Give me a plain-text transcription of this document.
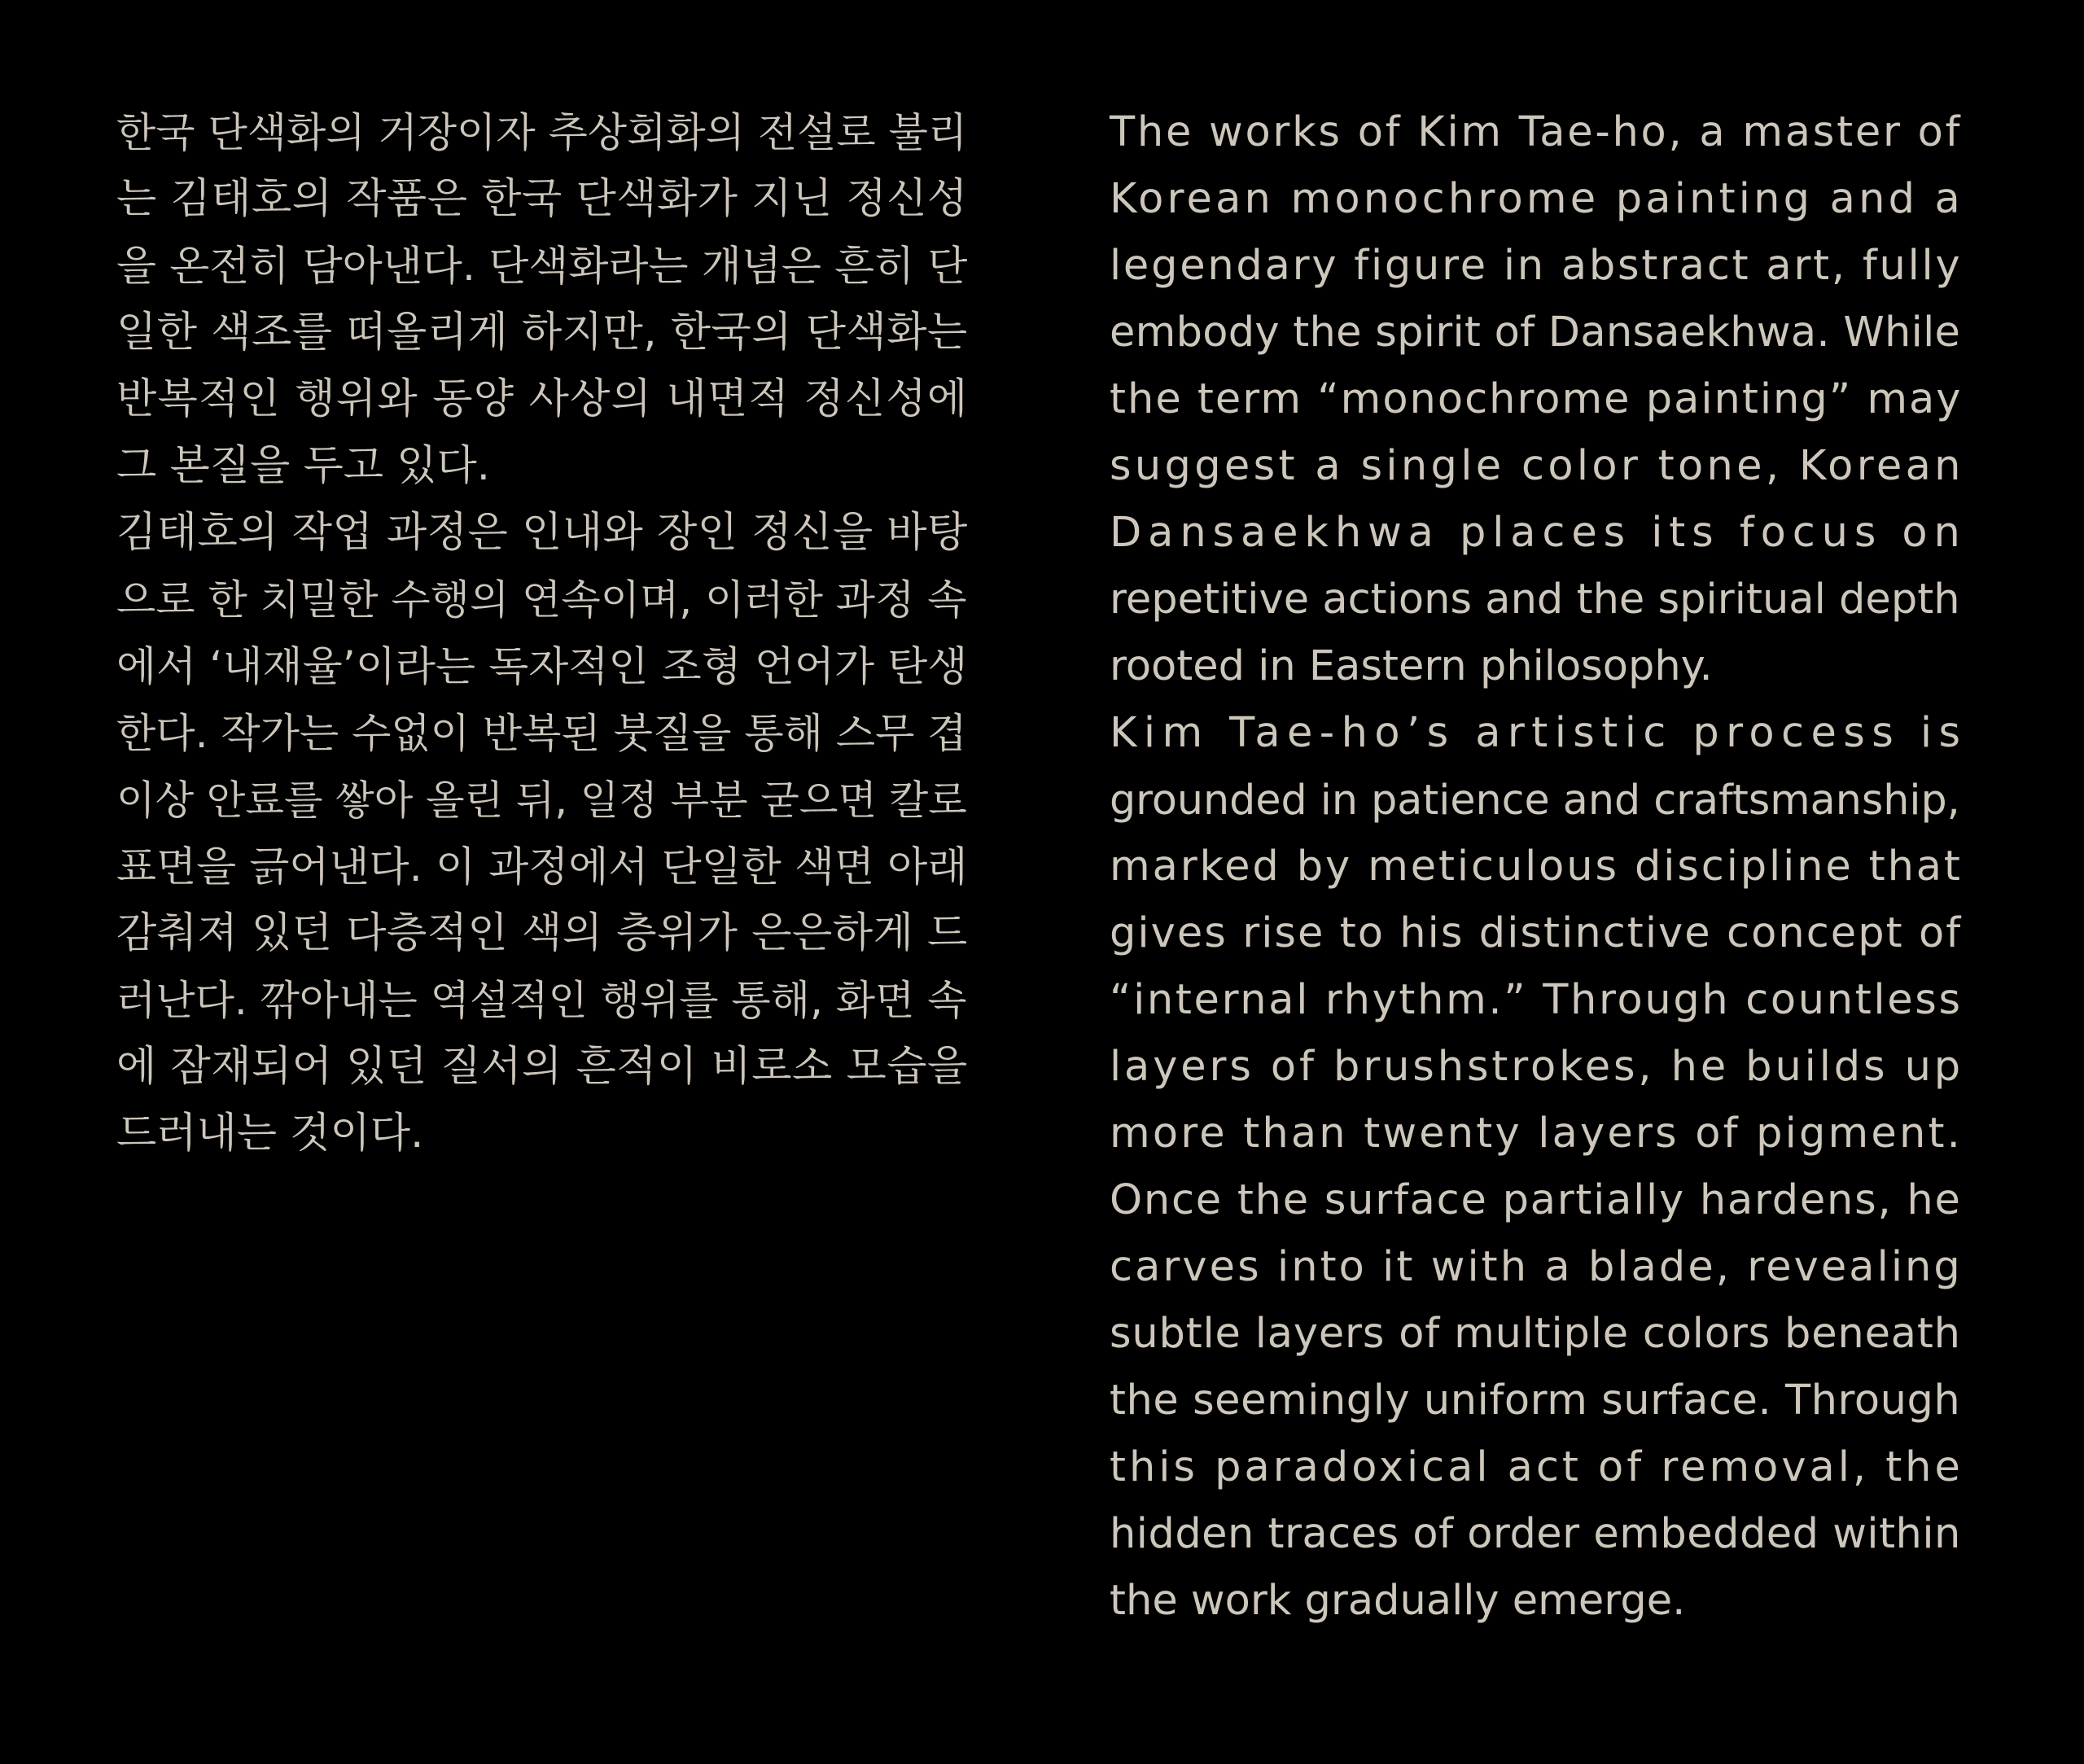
한국 단색화의 거장이자 추상회화의 전설로 불리
는 김태호의 작품은 한국 단색화가 지닌 정신성
을 온전히 담아낸다. 단색화라는 개념은 흔히 단
일한 색조를 떠올리게 하지만, 한국의 단색화는
반복적인 행위와 동양 사상의 내면적 정신성에
그 본질을 두고 있다.
김태호의 작업 과정은 인내와 장인 정신을 바탕
으로 한 치밀한 수행의 연속이며, 이러한 과정 속
에서 ‘내재율’이라는 독자적인 조형 언어가 탄생
한다. 작가는 수없이 반복된 붓질을 통해 스무 겹
이상 안료를 쌓아 올린 뒤, 일정 부분 굳으면 칼로
표면을 긁어낸다. 이 과정에서 단일한 색면 아래
감춰져 있던 다층적인 색의 층위가 은은하게 드
러난다. 깎아내는 역설적인 행위를 통해, 화면 속
에 잠재되어 있던 질서의 흔적이 비로소 모습을
드러내는 것이다.
The works of Kim Tae-ho, a master of
Korean monochrome painting and a
legendary figure in abstract art, fully
embody the spirit of Dansaekhwa. While
the term “monochrome painting” may
suggest a single color tone, Korean
Dansaekhwa places its focus on
repetitive actions and the spiritual depth
rooted in Eastern philosophy.
Kim Tae-ho’s artistic process is
grounded in patience and craftsmanship,
marked by meticulous discipline that
gives rise to his distinctive concept of
“internal rhythm.” Through countless
layers of brushstrokes, he builds up
more than twenty layers of pigment.
Once the surface partially hardens, he
carves into it with a blade, revealing
subtle layers of multiple colors beneath
the seemingly uniform surface. Through
this paradoxical act of removal, the
hidden traces of order embedded within
the work gradually emerge.
